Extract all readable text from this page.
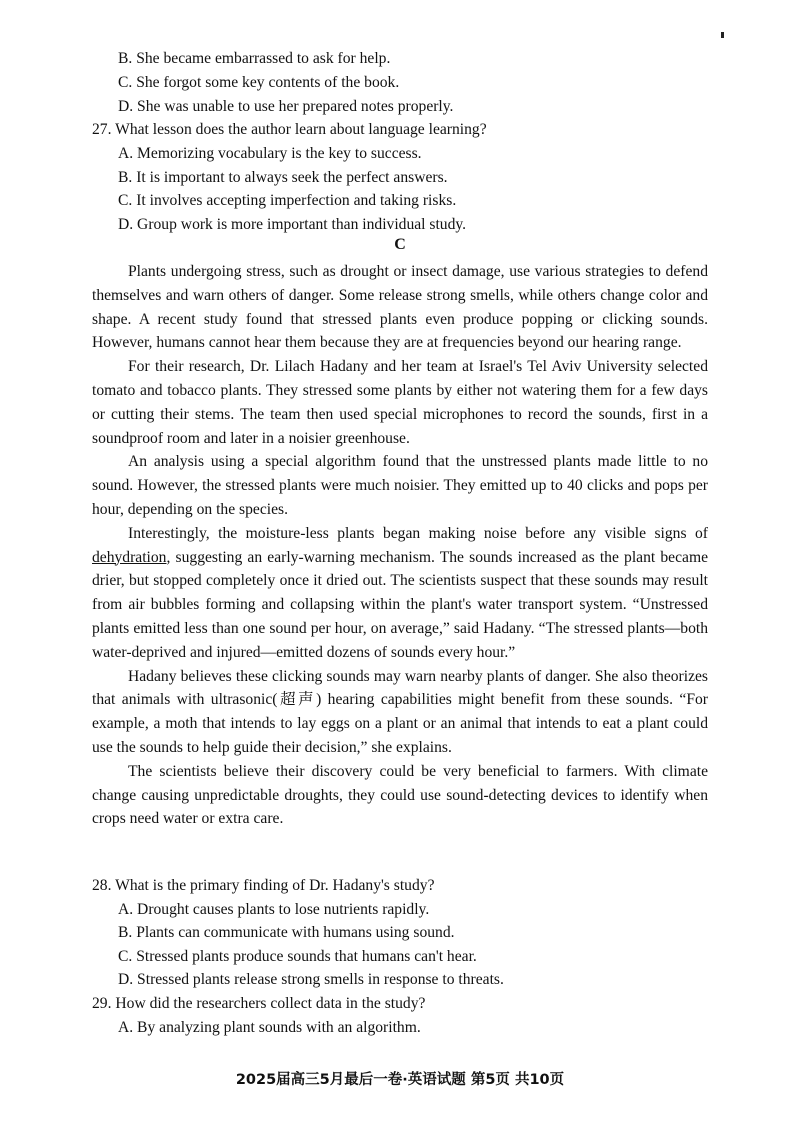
B. She became embarrassed to ask for help.
C. She forgot some key contents of the book.
D. She was unable to use her prepared notes properly.
27. What lesson does the author learn about language learning?
A. Memorizing vocabulary is the key to success.
B. It is important to always seek the perfect answers.
C. It involves accepting imperfection and taking risks.
D. Group work is more important than individual study.
C

Plants undergoing stress, such as drought or insect damage, use various strategies to defend themselves and warn others of danger. Some release strong smells, while others change color and shape. A recent study found that stressed plants even produce popping or clicking sounds. However, humans cannot hear them because they are at frequencies beyond our hearing range.

For their research, Dr. Lilach Hadany and her team at Israel's Tel Aviv University selected tomato and tobacco plants. They stressed some plants by either not watering them for a few days or cutting their stems. The team then used special microphones to record the sounds, first in a soundproof room and later in a noisier greenhouse.

An analysis using a special algorithm found that the unstressed plants made little to no sound. However, the stressed plants were much noisier. They emitted up to 40 clicks and pops per hour, depending on the species.

Interestingly, the moisture-less plants began making noise before any visible signs of dehydration, suggesting an early-warning mechanism. The sounds increased as the plant became drier, but stopped completely once it dried out. The scientists suspect that these sounds may result from air bubbles forming and collapsing within the plant's water transport system. “Unstressed plants emitted less than one sound per hour, on average,” said Hadany. “The stressed plants—both water-deprived and injured—emitted dozens of sounds every hour.”

Hadany believes these clicking sounds may warn nearby plants of danger. She also theorizes that animals with ultrasonic(超声) hearing capabilities might benefit from these sounds. “For example, a moth that intends to lay eggs on a plant or an animal that intends to eat a plant could use the sounds to help guide their decision,” she explains.

The scientists believe their discovery could be very beneficial to farmers. With climate change causing unpredictable droughts, they could use sound-detecting devices to identify when crops need water or extra care.

28. What is the primary finding of Dr. Hadany's study?
A. Drought causes plants to lose nutrients rapidly.
B. Plants can communicate with humans using sound.
C. Stressed plants produce sounds that humans can't hear.
D. Stressed plants release strong smells in response to threats.
29. How did the researchers collect data in the study?
A. By analyzing plant sounds with an algorithm.
2025届高三5月最后一卷·英语试题 第5页 共10页
